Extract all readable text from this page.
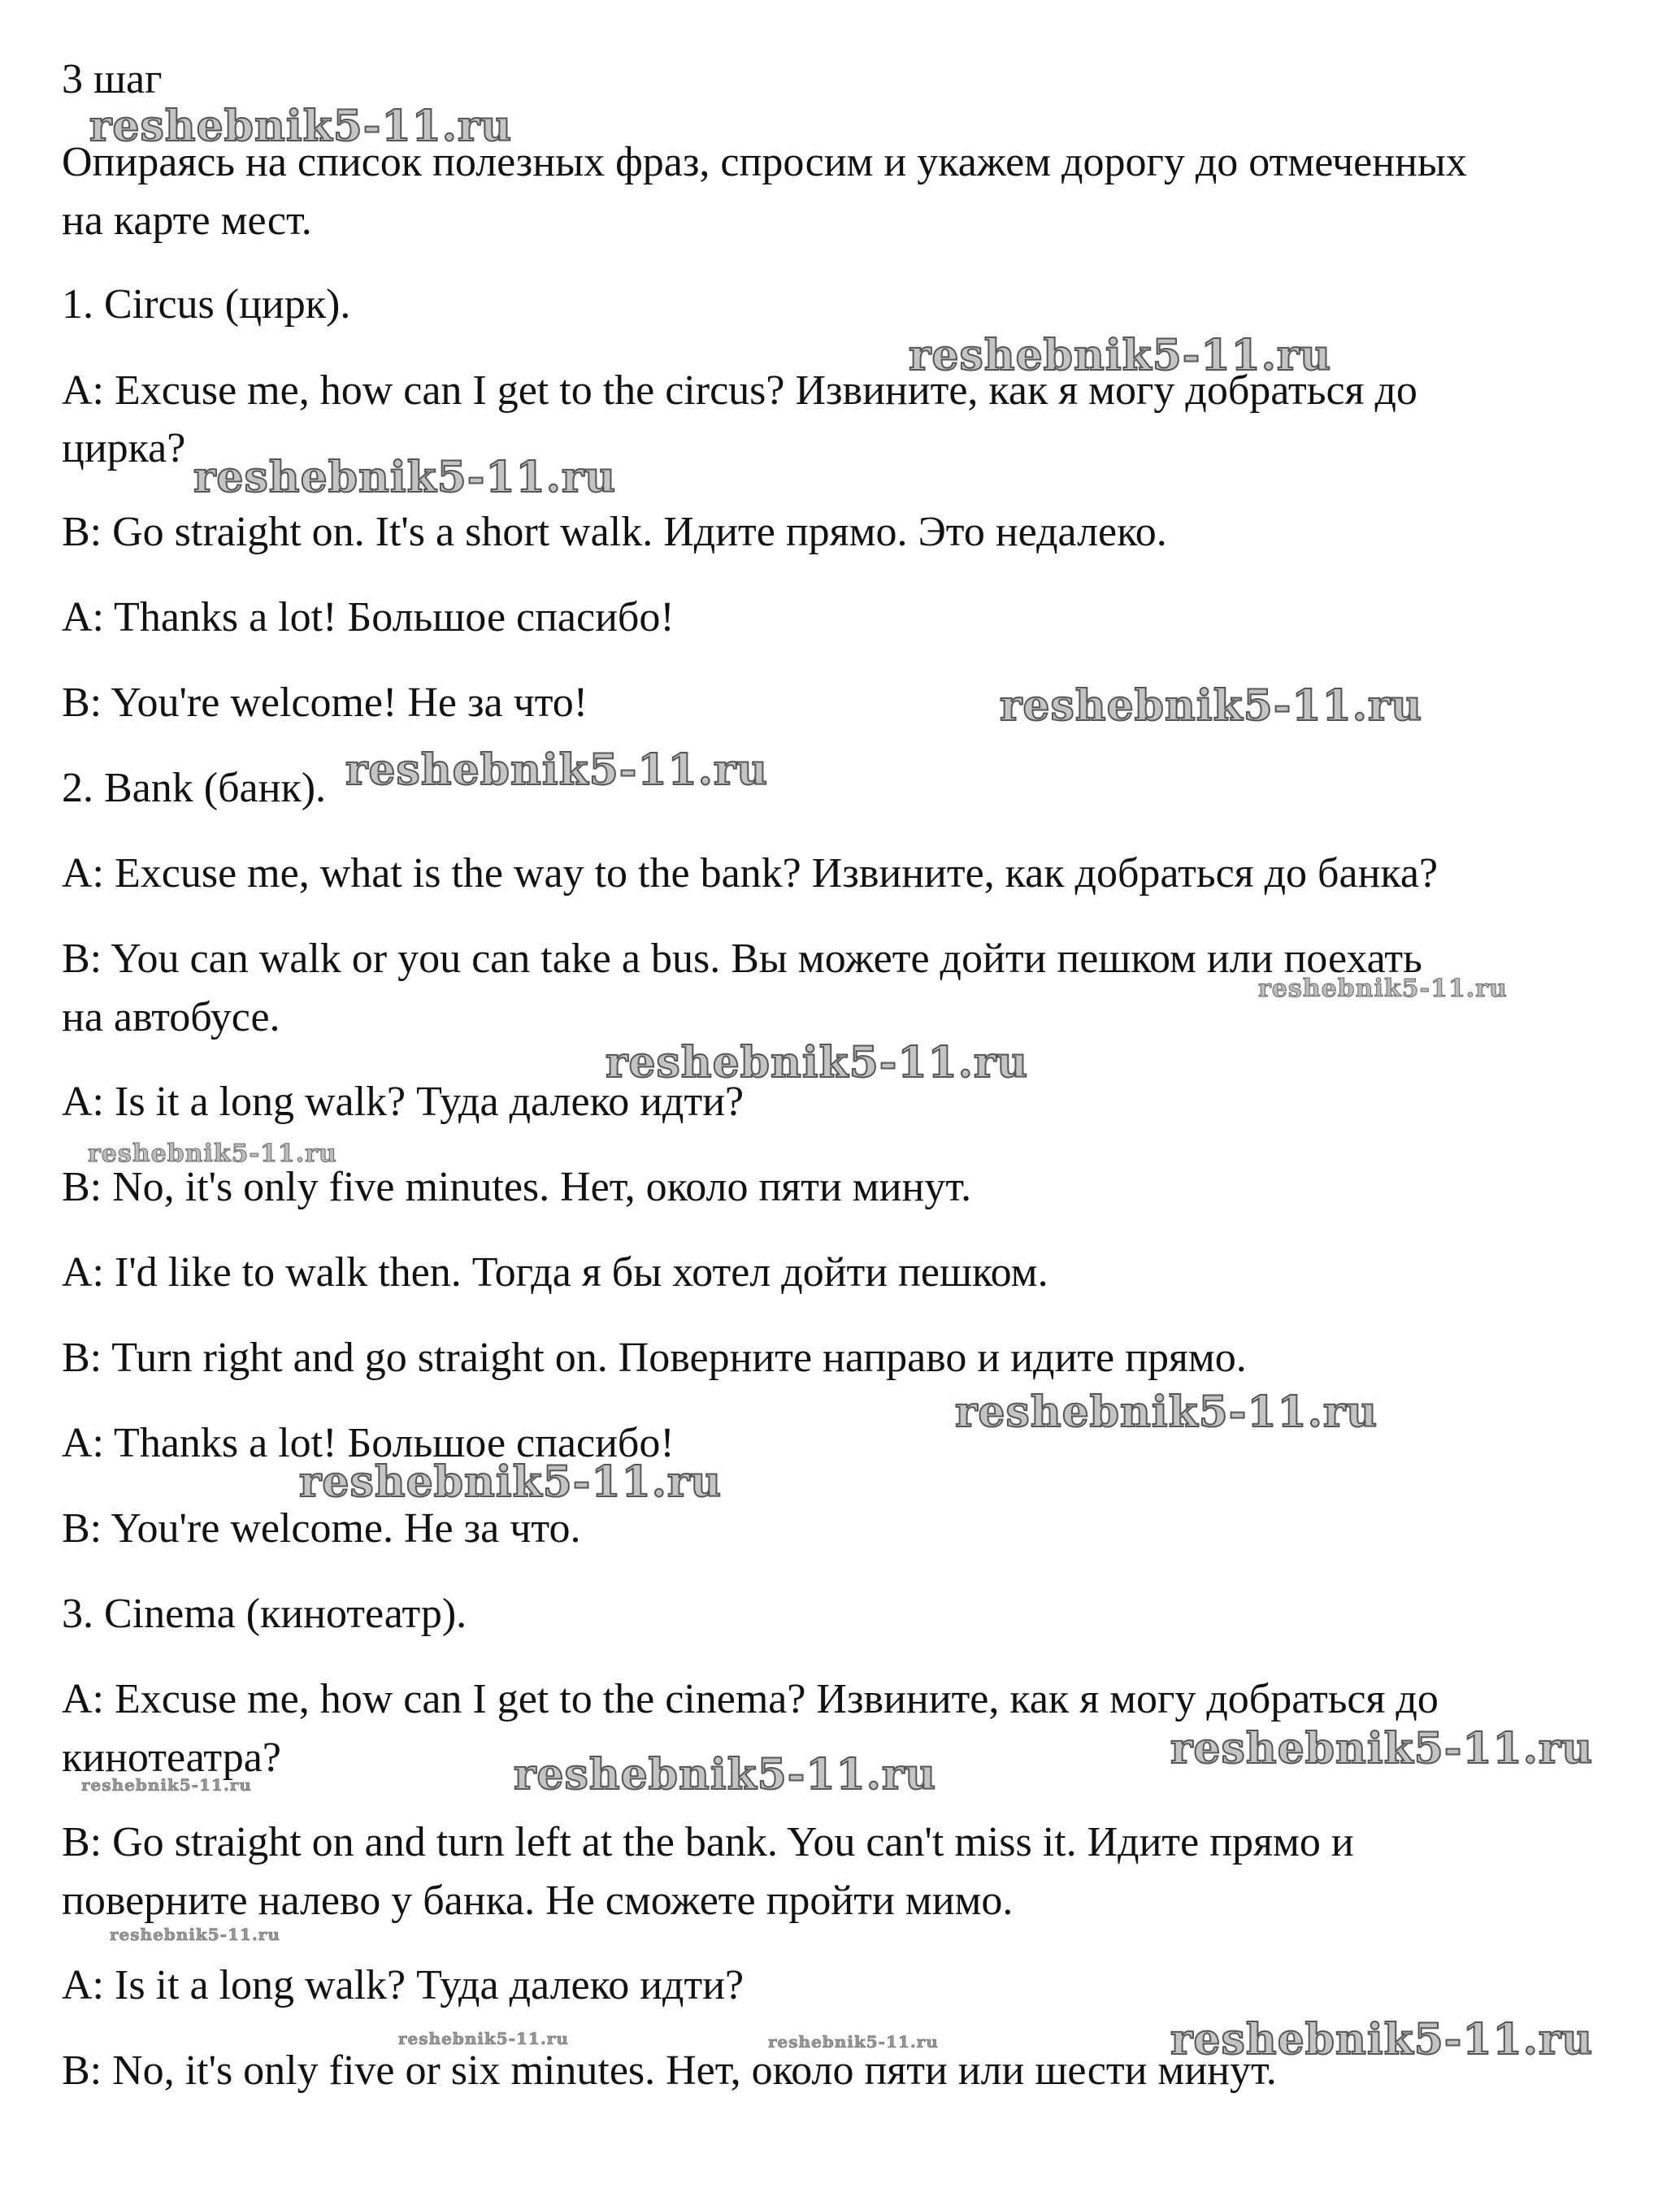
3 шаг

Опираясь на список полезных фраз, спросим и укажем дорогу до отмеченных

на карте мест.

1. Circus (цирк).

A: Excuse me, how can I get to the circus? Извините, как я могу добраться до

цирка?

B: Go straight on. It's a short walk. Идите прямо. Это недалеко.

A: Thanks a lot! Большое спасибо!

B: You're welcome! Не за что!

2. Bank (банк).

A: Excuse me, what is the way to the bank? Извините, как добраться до банка?

B: You can walk or you can take a bus. Вы можете дойти пешком или поехать

на автобусе.

A: Is it a long walk? Туда далеко идти?

B: No, it's only five minutes. Нет, около пяти минут.

A: I'd like to walk then. Тогда я бы хотел дойти пешком.

B: Turn right and go straight on. Поверните направо и идите прямо.

A: Thanks a lot! Большое спасибо!

B: You're welcome. Не за что.

3. Cinema (кинотеатр).

A: Excuse me, how can I get to the cinema? Извините, как я могу добраться до

кинотеатра?

B: Go straight on and turn left at the bank. You can't miss it. Идите прямо и

поверните налево у банка. Не сможете пройти мимо.

A: Is it a long walk? Туда далеко идти?

B: No, it's only five or six minutes. Нет, около пяти или шести минут.

reshebnik5-11.ru
reshebnik5-11.ru
reshebnik5-11.ru
reshebnik5-11.ru
reshebnik5-11.ru
reshebnik5-11.ru
reshebnik5-11.ru
reshebnik5-11.ru
reshebnik5-11.ru
reshebnik5-11.ru
reshebnik5-11.ru
reshebnik5-11.ru
reshebnik5-11.ru
reshebnik5-11.ru
reshebnik5-11.ru	reshebnik5-11.ru	reshebnik5-11.ru
